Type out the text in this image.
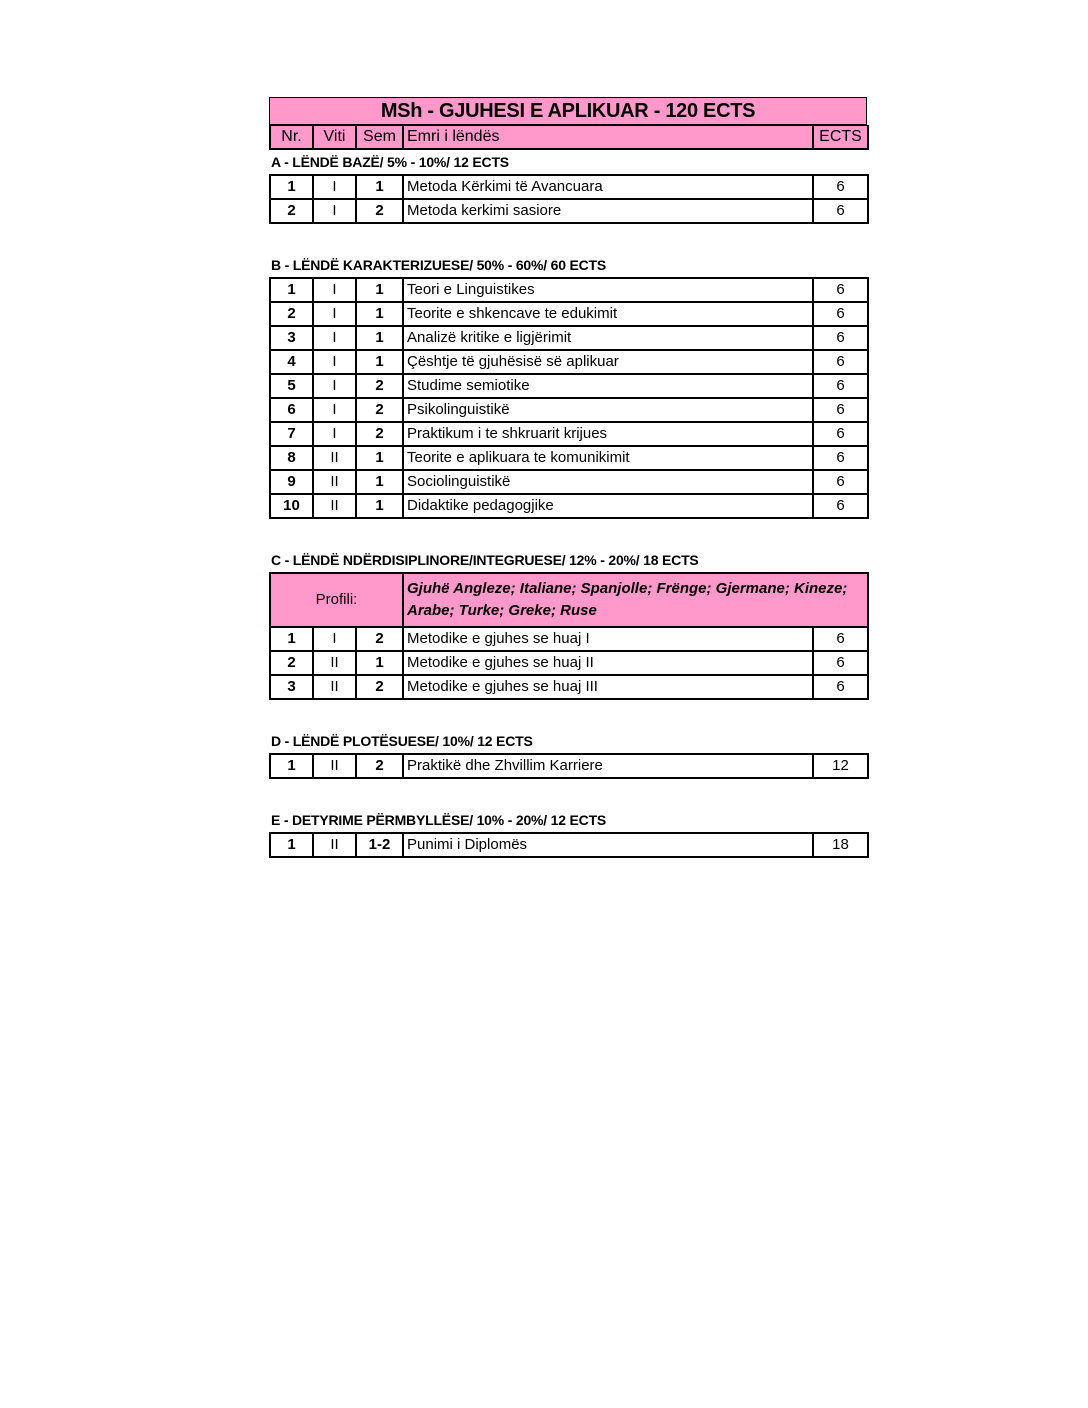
MSh - GJUHESI E APLIKUAR - 120 ECTS
Nr.	Viti	Sem	Emri i lëndës	ECTS
A - LËNDË BAZË/ 5% - 10%/ 12 ECTS
1	I	1	Metoda Kërkimi të Avancuara	6
2	I	2	Metoda kerkimi sasiore	6
B - LËNDË KARAKTERIZUESE/ 50% - 60%/ 60 ECTS
1	I	1	Teori e Linguistikes	6
2	I	1	Teorite e shkencave te edukimit	6
3	I	1	Analizë kritike e ligjërimit	6
4	I	1	Çështje të gjuhësisë së aplikuar	6
5	I	2	Studime semiotike	6
6	I	2	Psikolinguistikë	6
7	I	2	Praktikum i te shkruarit krijues	6
8	II	1	Teorite e aplikuara te komunikimit	6
9	II	1	Sociolinguistikë	6
10	II	1	Didaktike pedagogjike	6
C - LËNDË NDËRDISIPLINORE/INTEGRUESE/ 12% - 20%/ 18 ECTS
Profili:			Gjuhë Angleze; Italiane; Spanjolle; Frënge; Gjermane; Kineze; Arabe; Turke; Greke; Ruse	
1	I	2	Metodike e gjuhes se huaj I	6
2	II	1	Metodike e gjuhes se huaj II	6
3	II	2	Metodike e gjuhes se huaj III	6
D - LËNDË PLOTËSUESE/ 10%/ 12 ECTS
1	II	2	Praktikë dhe Zhvillim Karriere	12
E - DETYRIME PËRMBYLLËSE/ 10% - 20%/ 12 ECTS
1	II	1-2	Punimi i Diplomës	18
